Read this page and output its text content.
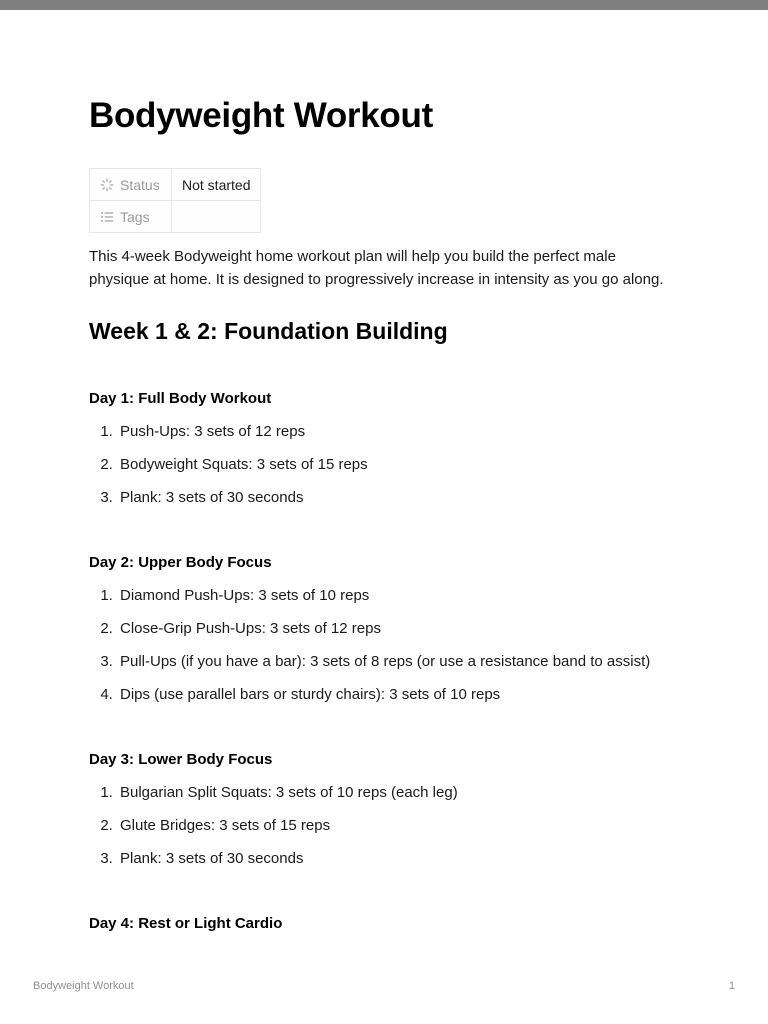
Bodyweight Workout
Status	Not started

Tags	

This 4-week Bodyweight home workout plan will help you build the perfect male physique at home. It is designed to progressively increase in intensity as you go along.

Week 1 & 2: Foundation Building
Day 1: Full Body Workout
1. Push-Ups: 3 sets of 12 reps
2. Bodyweight Squats: 3 sets of 15 reps
3. Plank: 3 sets of 30 seconds
Day 2: Upper Body Focus
1. Diamond Push-Ups: 3 sets of 10 reps
2. Close-Grip Push-Ups: 3 sets of 12 reps
3. Pull-Ups (if you have a bar): 3 sets of 8 reps (or use a resistance band to assist)
4. Dips (use parallel bars or sturdy chairs): 3 sets of 10 reps
Day 3: Lower Body Focus
1. Bulgarian Split Squats: 3 sets of 10 reps (each leg)
2. Glute Bridges: 3 sets of 15 reps
3. Plank: 3 sets of 30 seconds
Day 4: Rest or Light Cardio
Bodyweight Workout	1
